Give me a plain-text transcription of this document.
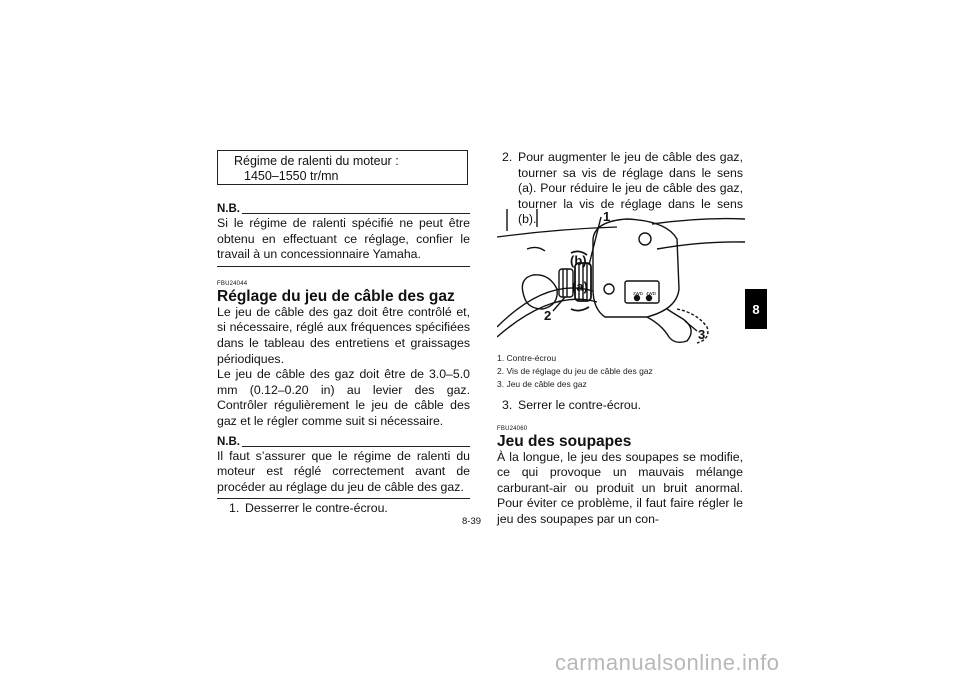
Régime de ralenti du moteur :
1450–1550 tr/mn
N.B.

Si le régime de ralenti spécifié ne peut être obtenu en effectuant ce réglage, confier le travail à un concessionnaire Yamaha.

FBU24044
Réglage du jeu de câble des gaz

Le jeu de câble des gaz doit être contrôlé et, si nécessaire, réglé aux fréquences spécifiées dans le tableau des entretiens et graissages périodiques.

Le jeu de câble des gaz doit être de 3.0–5.0 mm (0.12–0.20 in) au levier des gaz. Contrôler régulièrement le jeu de câble des gaz et le régler comme suit si nécessaire.

N.B.

Il faut s’assurer que le régime de ralenti du moteur est réglé correctement avant de procéder au réglage du jeu de câble des gaz.

1. Desserrer le contre-écrou.
2. Pour augmenter le jeu de câble des gaz, tourner sa vis de réglage dans le sens (a). Pour réduire le jeu de câble des gaz, tourner la vis de réglage dans le sens (b).
2WD 4WD
1
(b)
(a)
2
3
1. Contre-écrou
2. Vis de réglage du jeu de câble des gaz
3. Jeu de câble des gaz
3. Serrer le contre-écrou.
FBU24060
Jeu des soupapes

À la longue, le jeu des soupapes se modifie, ce qui provoque un mauvais mélange carburant-air ou produit un bruit anormal. Pour éviter ce problème, il faut faire régler le jeu des soupapes par un con-

8
8-39
carmanualsonline.info
